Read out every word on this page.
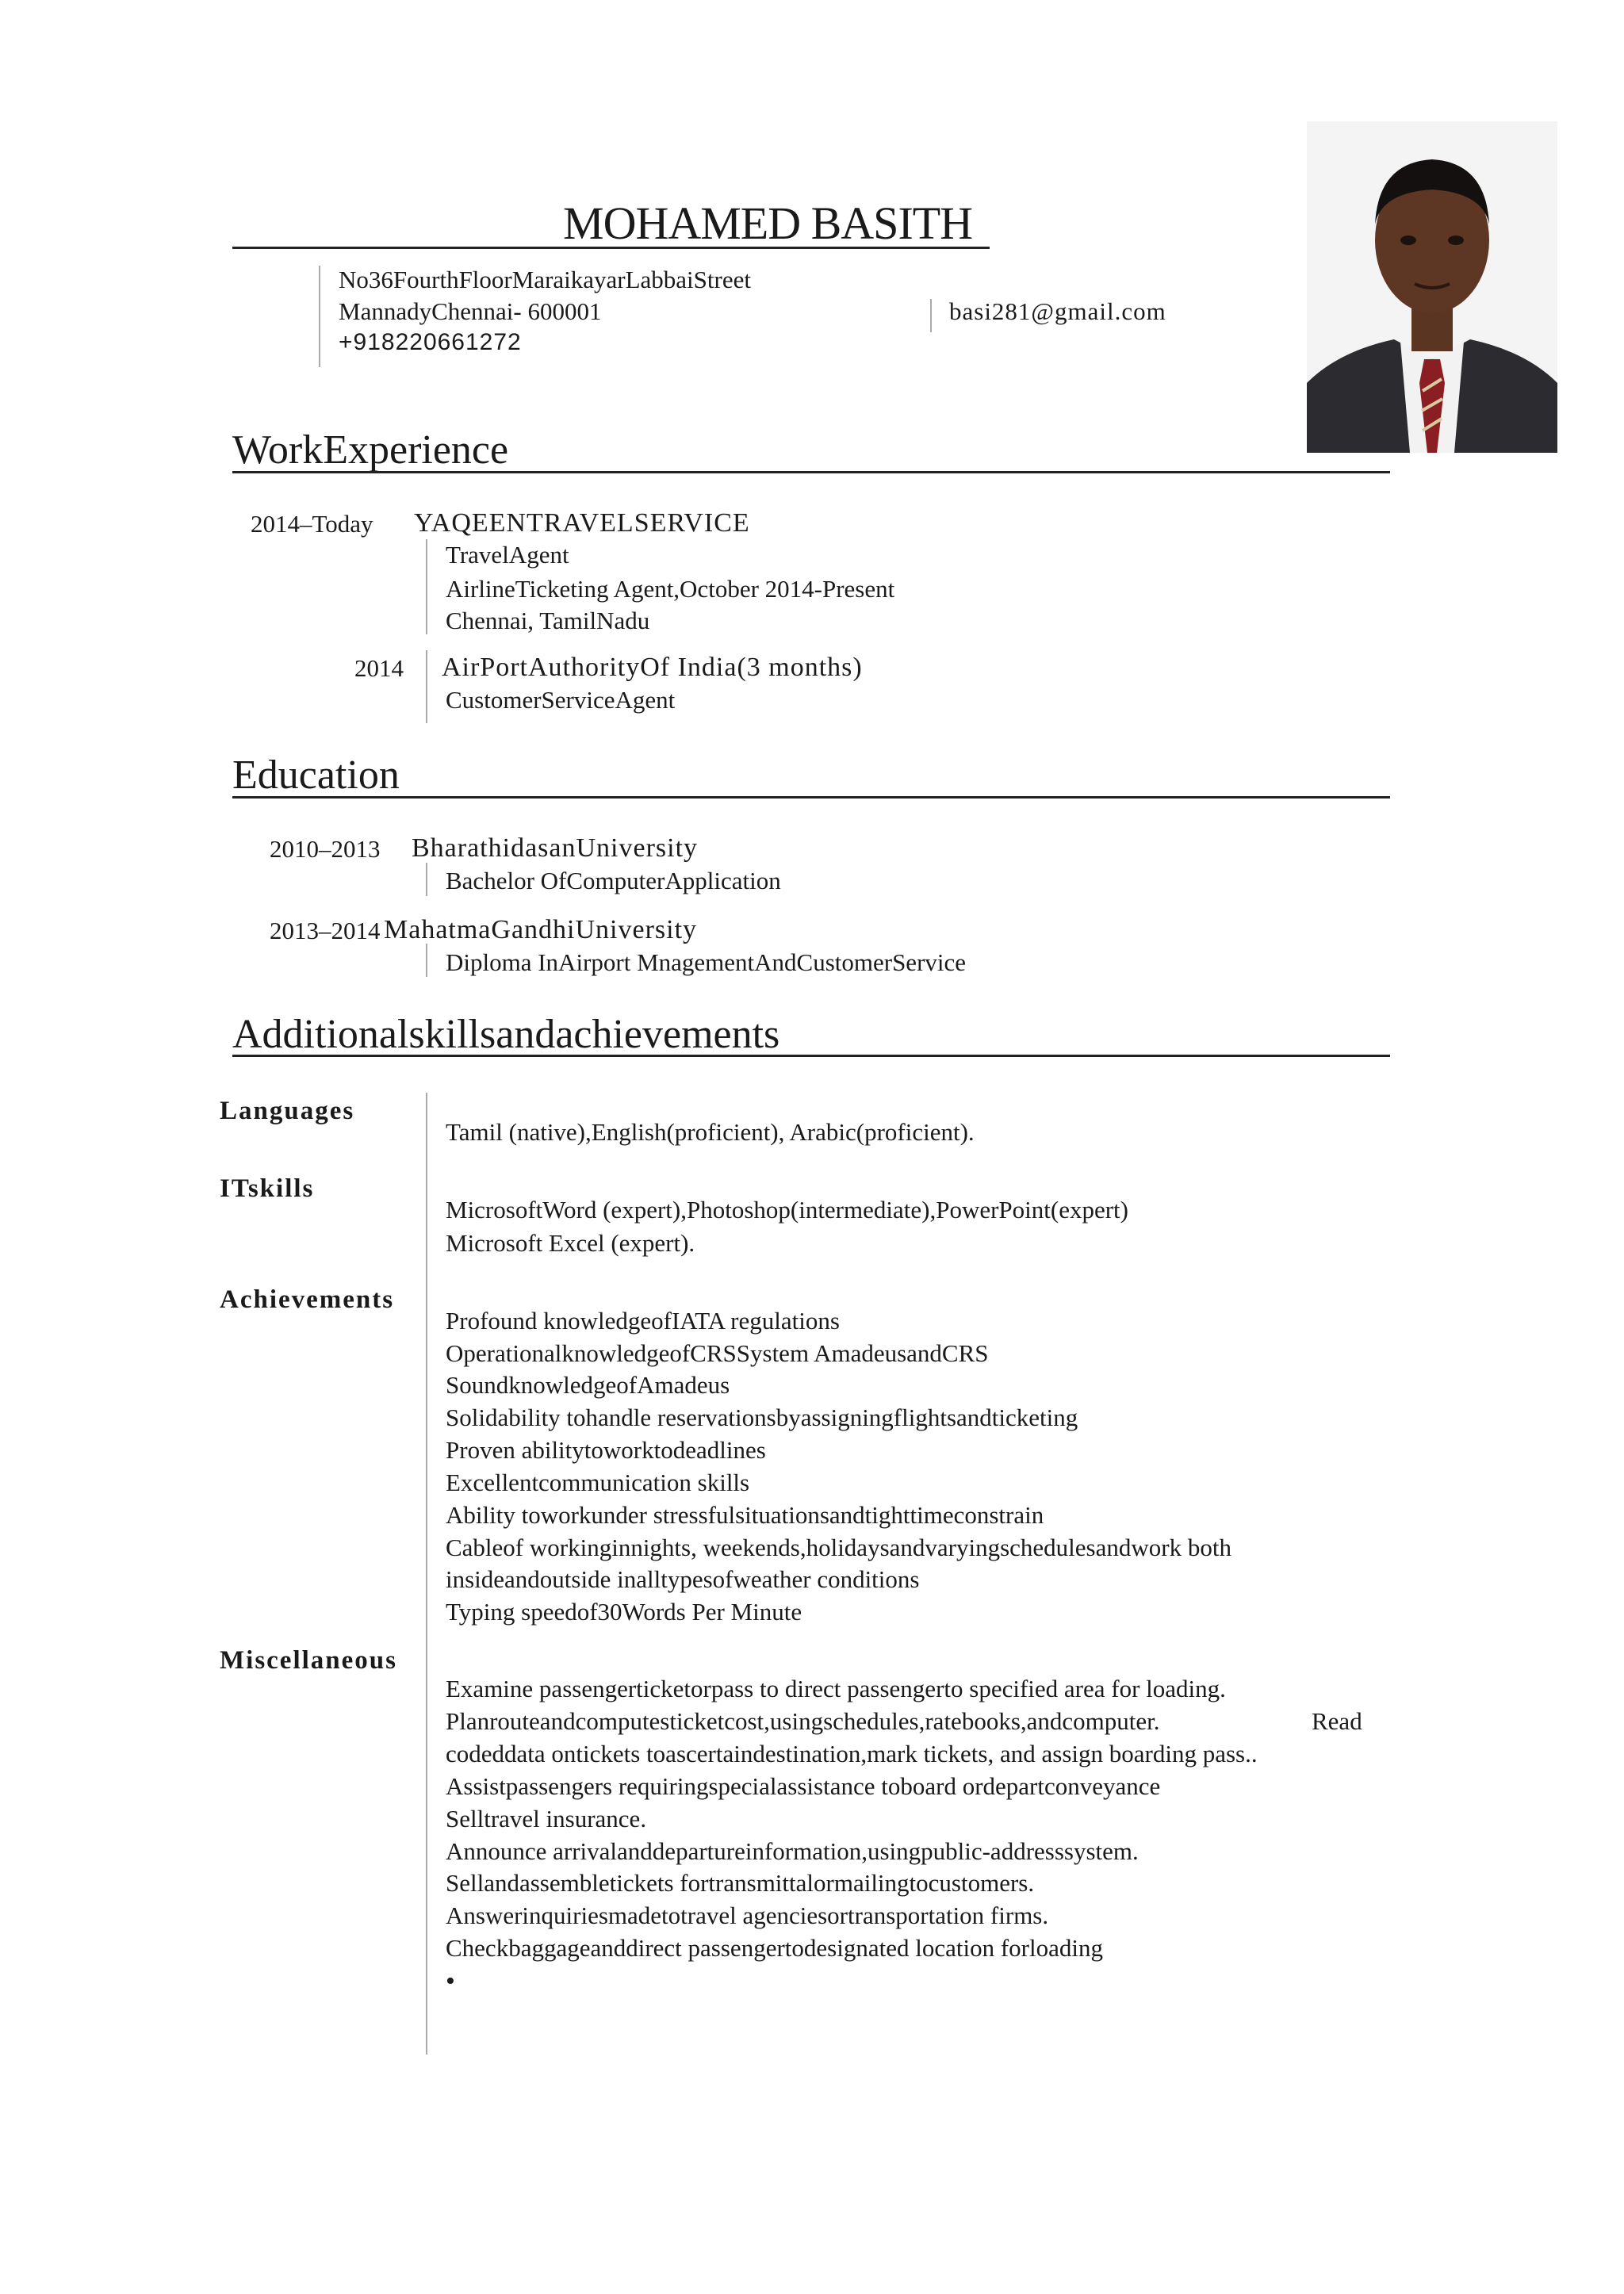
MOHAMED BASITH
No36FourthFloorMaraikayarLabbaiStreet
MannadyChennai- 600001
+918220661272
basi281@gmail.com
WorkExperience
2014–Today YAQEENTRAVELSERVICE
TravelAgent
AirlineTicketing Agent,October 2014-Present
Chennai, TamilNadu
2014 AirPortAuthorityOf India(3 months)
CustomerServiceAgent
Education
2010–2013 BharathidasanUniversity
Bachelor OfComputerApplication
2013–2014 MahatmaGandhiUniversity
Diploma InAirport MnagementAndCustomerService
Additionalskillsandachievements
Languages
Tamil (native),English(proficient), Arabic(proficient).
ITskills
MicrosoftWord (expert),Photoshop(intermediate),PowerPoint(expert)
Microsoft Excel (expert).
Achievements
Profound knowledgeofIATA regulations
OperationalknowledgeofCRSSystem AmadeusandCRS
SoundknowledgeofAmadeus
Solidability tohandle reservationsbyassigningflightsandticketing
Proven abilitytoworktodeadlines
Excellentcommunication skills
Ability toworkunder stressfulsituationsandtighttimeconstrain
Cableof workinginnights, weekends,holidaysandvaryingschedulesandwork both
insideandoutside inalltypesofweather conditions
Typing speedof30Words Per Minute
Miscellaneous
Examine passengerticketorpass to direct passengerto specified area for loading.
Planrouteandcomputesticketcost,usingschedules,ratebooks,andcomputer.	Read
codeddata ontickets toascertaindestination,mark tickets, and assign boarding pass..
Assistpassengers requiringspecialassistance toboard ordepartconveyance
Selltravel insurance.
Announce arrivalanddepartureinformation,usingpublic-addresssystem.
Sellandassembletickets fortransmittalormailingtocustomers.
Answerinquiriesmadetotravel agenciesortransportation firms.
Checkbaggageanddirect passengertodesignated location forloading
•
